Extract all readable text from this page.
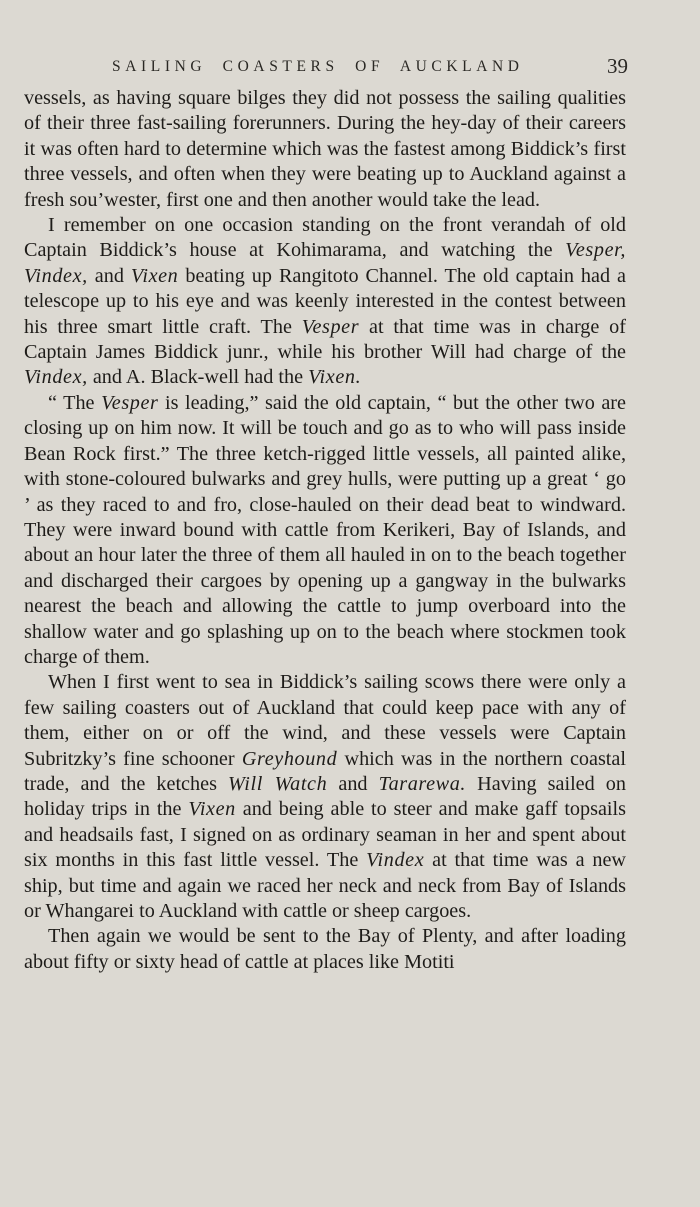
SAILING COASTERS OF AUCKLAND	39

vessels, as having square bilges they did not possess the sailing qualities of their three fast-sailing forerunners. During the hey-day of their careers it was often hard to determine which was the fastest among Biddick’s first three vessels, and often when they were beating up to Auckland against a fresh sou’wester, first one and then another would take the lead.

I remember on one occasion standing on the front verandah of old Captain Biddick’s house at Kohimarama, and watching the Vesper, Vindex, and Vixen beating up Rangitoto Channel. The old captain had a telescope up to his eye and was keenly interested in the contest between his three smart little craft. The Vesper at that time was in charge of Captain James Biddick junr., while his brother Will had charge of the Vindex, and A. Black-well had the Vixen.

“ The Vesper is leading,” said the old captain, “ but the other two are closing up on him now. It will be touch and go as to who will pass inside Bean Rock first.” The three ketch-rigged little vessels, all painted alike, with stone-coloured bulwarks and grey hulls, were putting up a great ‘ go ’ as they raced to and fro, close-hauled on their dead beat to windward. They were inward bound with cattle from Kerikeri, Bay of Islands, and about an hour later the three of them all hauled in on to the beach together and discharged their cargoes by opening up a gangway in the bulwarks nearest the beach and allowing the cattle to jump overboard into the shallow water and go splashing up on to the beach where stockmen took charge of them.

When I first went to sea in Biddick’s sailing scows there were only a few sailing coasters out of Auckland that could keep pace with any of them, either on or off the wind, and these vessels were Captain Subritzky’s fine schooner Greyhound which was in the northern coastal trade, and the ketches Will Watch and Tararewa. Having sailed on holiday trips in the Vixen and being able to steer and make gaff topsails and headsails fast, I signed on as ordinary seaman in her and spent about six months in this fast little vessel. The Vindex at that time was a new ship, but time and again we raced her neck and neck from Bay of Islands or Whangarei to Auckland with cattle or sheep cargoes.

Then again we would be sent to the Bay of Plenty, and after loading about fifty or sixty head of cattle at places like Motiti
